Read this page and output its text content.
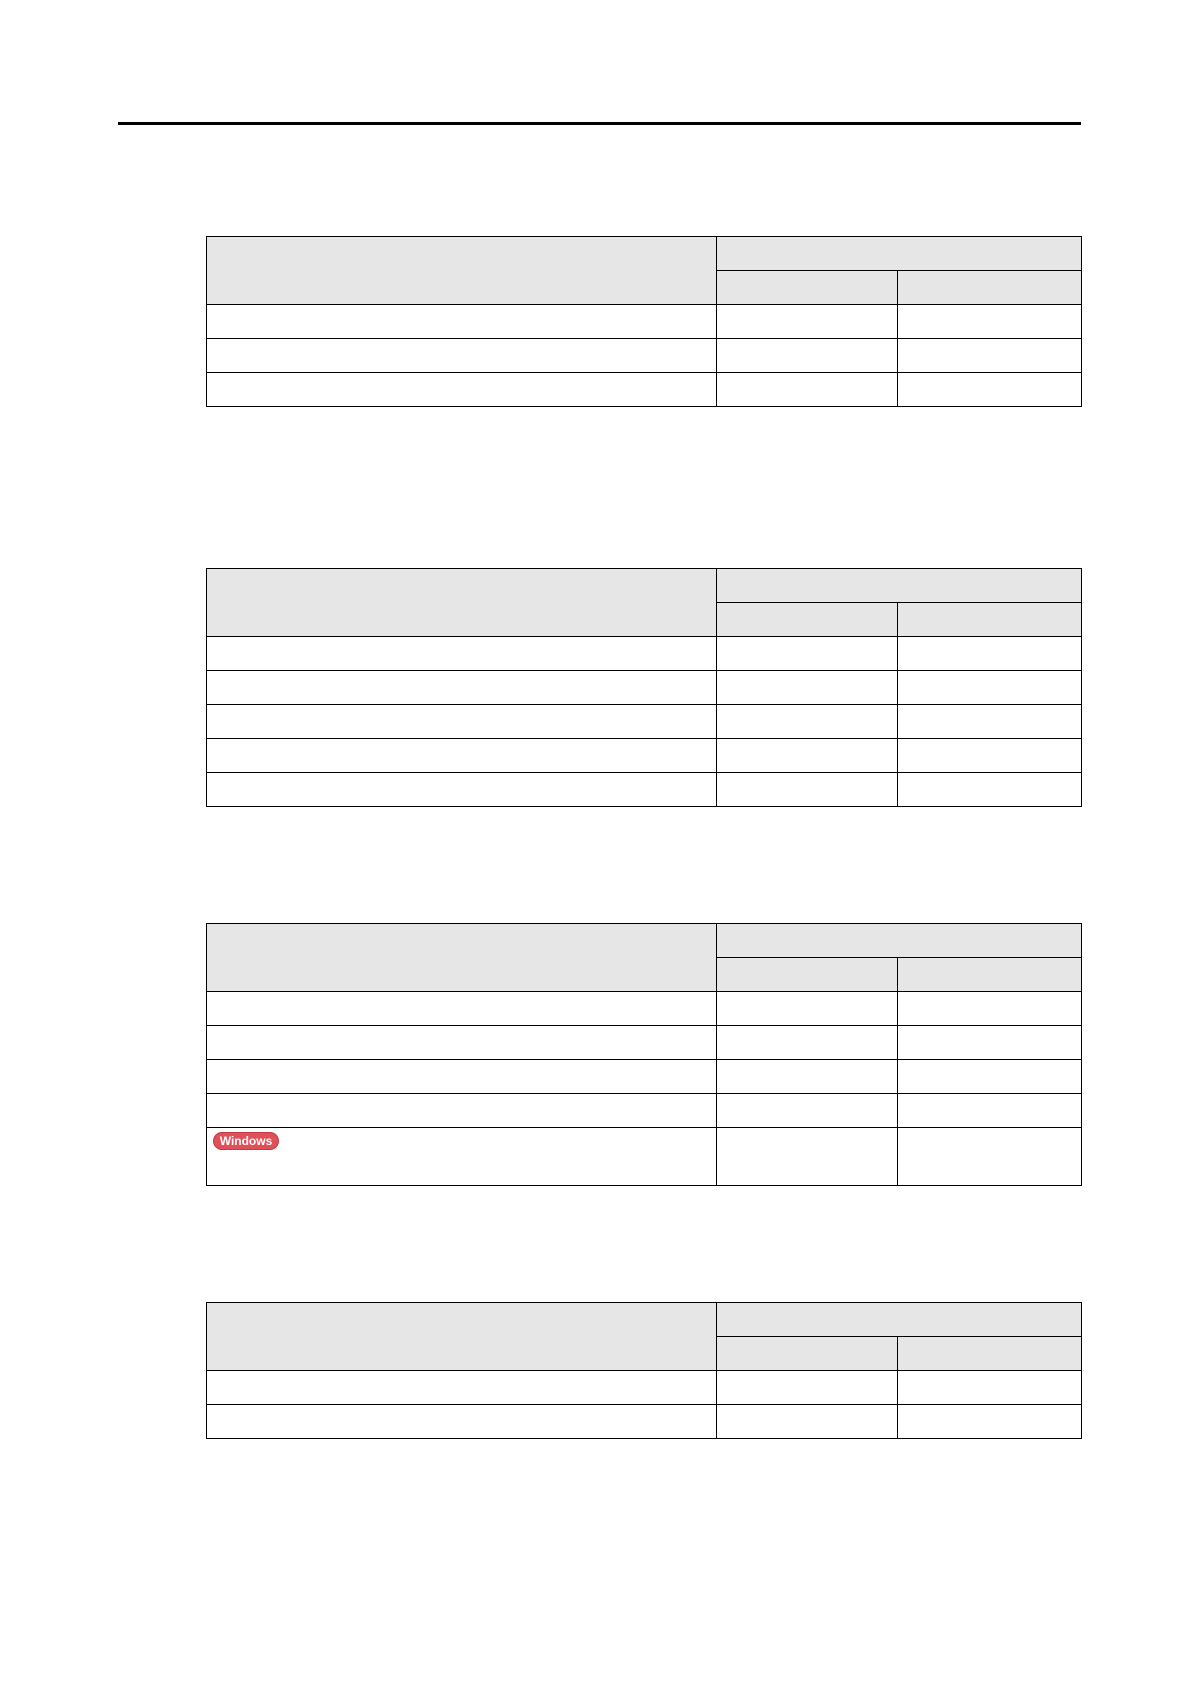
Windows		
